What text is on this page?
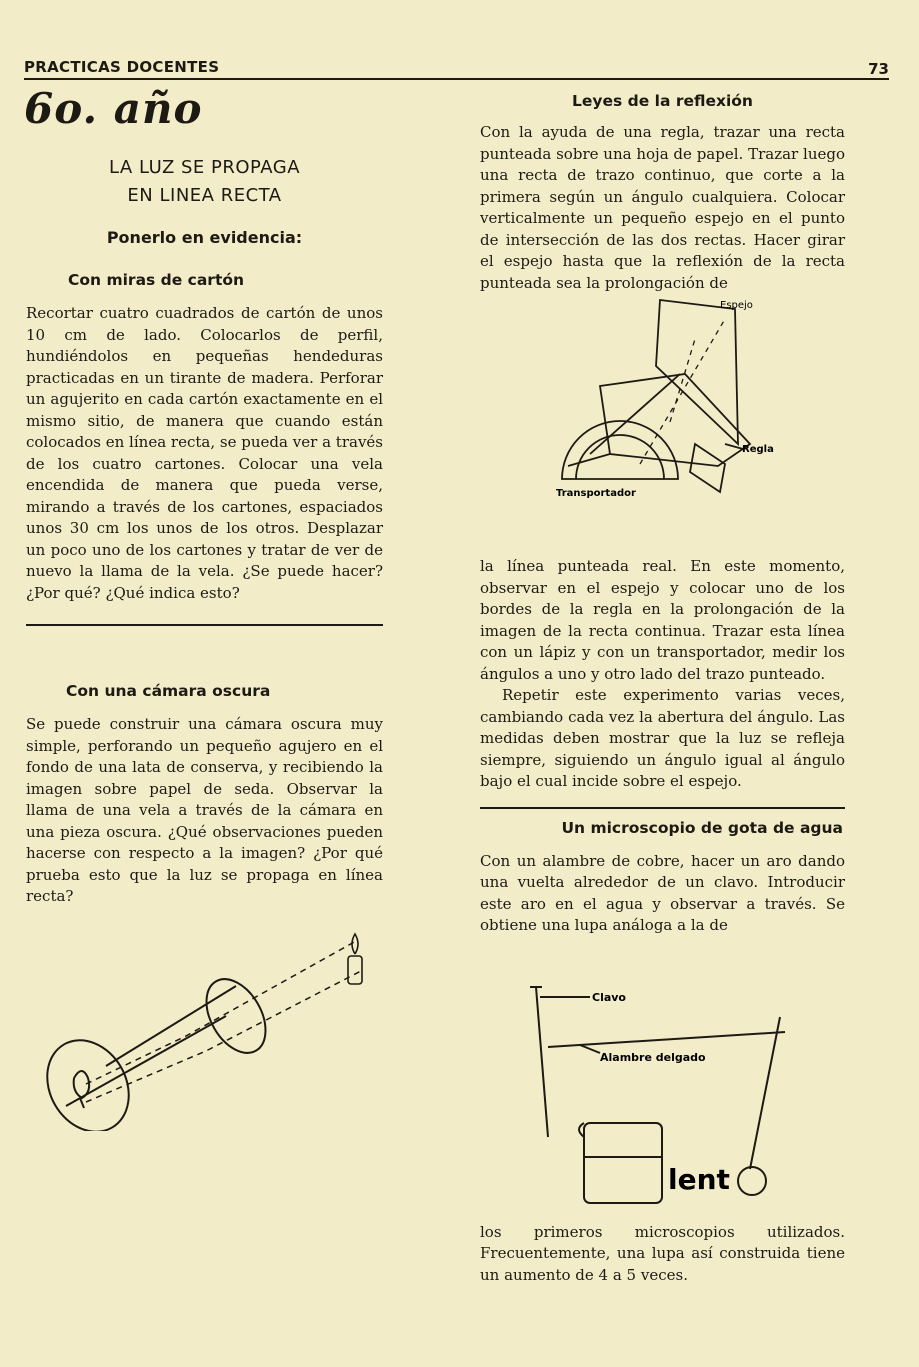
PRACTICAS DOCENTES	73
6o. año
LA LUZ SE PROPAGA
EN LINEA RECTA
Ponerlo en evidencia:
Con miras de cartón

Recortar cuatro cuadrados de cartón de unos 10 cm de lado. Colocarlos de perfil, hundiéndolos en pequeñas hendeduras practicadas en un tirante de madera. Perforar un agujerito en cada cartón exactamente en el mismo sitio, de manera que cuando están colocados en línea recta, se pueda ver a través de los cuatro cartones. Colocar una vela encendida de manera que pueda verse, mirando a través de los cartones, espaciados unos 30 cm los unos de los otros. Desplazar un poco uno de los cartones y tratar de ver de nuevo la llama de la vela. ¿Se puede hacer? ¿Por qué? ¿Qué indica esto?

Con una cámara oscura

Se puede construir una cámara oscura muy simple, perforando un pequeño agujero en el fondo de una lata de conserva, y recibiendo la imagen sobre papel de seda. Observar la llama de una vela a través de la cámara en una pieza oscura. ¿Qué observaciones pueden hacerse con respecto a la imagen? ¿Por qué prueba esto que la luz se propaga en línea recta?

Leyes de la reflexión

Con la ayuda de una regla, trazar una recta punteada sobre una hoja de papel. Trazar luego una recta de trazo continuo, que corte a la primera según un ángulo cualquiera. Colocar verticalmente un pequeño espejo en el punto de intersección de las dos rectas. Hacer girar el espejo hasta que la reflexión de la recta punteada sea la prolongación de

Espejo
Regla
Transportador

la línea punteada real. En este momento, observar en el espejo y colocar uno de los bordes de la regla en la prolongación de la imagen de la recta continua. Trazar esta línea con un lápiz y con un transportador, medir los ángulos a uno y otro lado del trazo punteado.

Repetir este experimento varias veces, cambiando cada vez la abertura del ángulo. Las medidas deben mostrar que la luz se refleja siempre, siguiendo un ángulo igual al ángulo bajo el cual incide sobre el espejo.

Un microscopio de gota de agua

Con un alambre de cobre, hacer un aro dando una vuelta alrededor de un clavo. Introducir este aro en el agua y observar a través. Se obtiene una lupa análoga a la de

Clavo
Alambre delgado
lent

los primeros microscopios utilizados. Frecuentemente, una lupa así construida tiene un aumento de 4 a 5 veces.
